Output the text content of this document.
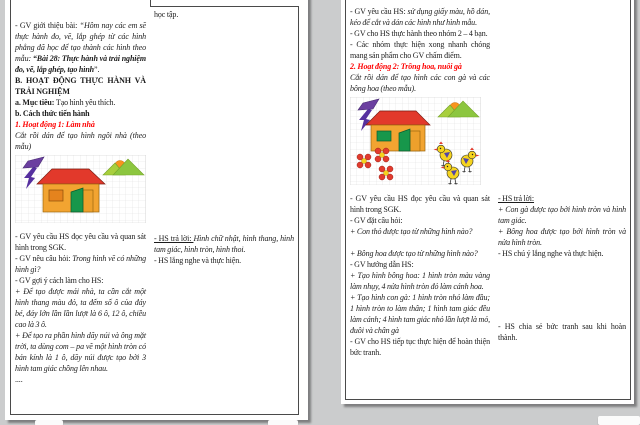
- GV giới thiệu bài: “Hôm nay các em sẽ thực hành đo, vẽ, lắp ghép từ các hình phẳng đã học để tạo thành các hình theo mẫu: “Bài 28: Thực hành và trải nghiệm đo, vẽ, lắp ghép, tạo hình”.

B. HOẠT ĐỘNG THỰC HÀNH VÀ TRẢI NGHIỆM

a. Mục tiêu: Tạo hình yêu thích.

b. Cách thức tiến hành

1. Hoạt động 1: Làm nhà

Cắt rồi dán để tạo hình ngôi nhà (theo mẫu)

- GV yêu cầu HS đọc yêu cầu và quan sát hình trong SGK.

- GV nêu câu hỏi: Trong hình vẽ có những hình gì?

- GV gợi ý cách làm cho HS:

+ Để tạo được mái nhà, ta cần cắt một hình thang màu đỏ, ta đếm số ô của đáy bé, đáy lớn lần lần lượt là 6 ô, 12 ô, chiều cao là 3 ô.

+ Để tạo ra phần hình dãy núi và ông mặt trời, ta dùng com – pa vẽ một hình tròn có bán kính là 1 ô, dãy núi được tạo bởi 3 hình tam giác chồng lên nhau.

....

học tập.

- HS trả lời: Hình chữ nhật, hình thang, hình tam giác, hình tròn, hình thoi.

- HS lắng nghe và thực hiện.

- GV yêu cầu HS: sử dụng giấy màu, hồ dán, kéo để cắt và dán các hình như hình mẫu.

- GV cho HS thực hành theo nhóm 2 – 4 bạn.

- Các nhóm thực hiện xong nhanh chóng mang sản phẩm cho GV chấm điểm.

2. Hoạt động 2: Trồng hoa, nuôi gà

Cắt rồi dán để tạo hình các con gà và các bông hoa (theo mẫu).

- GV yêu cầu HS đọc yêu cầu và quan sát hình trong SGK.

- GV đặt câu hỏi:

+ Con thỏ được tạo từ những hình nào?

+ Bông hoa được tạo từ những hình nào?

- GV hướng dẫn HS:

+ Tạo hình bông hoa: 1 hình tròn màu vàng làm nhụy, 4 nửa hình tròn đỏ làm cánh hoa.

+ Tạo hình con gà: 1 hình tròn nhỏ làm đầu; 1 hình tròn to làm thân; 1 hình tam giác đều làm cánh; 4 hình tam giác nhỏ lần lượt là mỏ, đuôi và chân gà

- GV cho HS tiếp tục thực hiện để hoàn thiện bức tranh.

- HS trả lời:

+ Con gà được tạo bởi hình tròn và hình tam giác.

+ Bông hoa được tạo bởi hình tròn và nửa hình tròn.

- HS chú ý lắng nghe và thực hiện.

- HS chia sẻ bức tranh sau khi hoàn thành.
